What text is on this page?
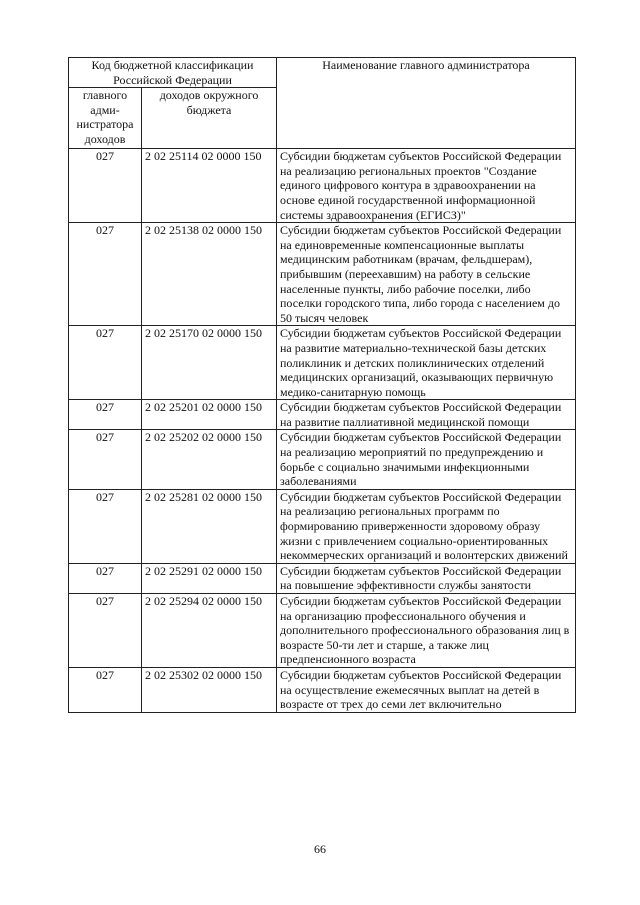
Код бюджетной классификации Российской Федерации		Наименование главного администратора
главного адми-нистратора доходов	доходов окружного бюджета	
027	2 02 25114 02 0000 150	Субсидии бюджетам субъектов Российской Федерации на реализацию региональных проектов "Создание единого цифрового контура в здравоохранении на основе единой государственной информационной системы здравоохранения (ЕГИСЗ)"
027	2 02 25138 02 0000 150	Субсидии бюджетам субъектов Российской Федерации на единовременные компенсационные выплаты медицинским работникам (врачам, фельдшерам), прибывшим (переехавшим) на работу в сельские населенные пункты, либо рабочие поселки, либо поселки городского типа, либо города с населением до 50 тысяч человек
027	2 02 25170 02 0000 150	Субсидии бюджетам субъектов Российской Федерации на развитие материально-технической базы детских поликлиник и детских поликлинических отделений медицинских организаций, оказывающих первичную медико-санитарную помощь
027	2 02 25201 02 0000 150	Субсидии бюджетам субъектов Российской Федерации на развитие паллиативной медицинской помощи
027	2 02 25202 02 0000 150	Субсидии бюджетам субъектов Российской Федерации на реализацию мероприятий по предупреждению и борьбе с социально значимыми инфекционными заболеваниями
027	2 02 25281 02 0000 150	Субсидии бюджетам субъектов Российской Федерации на реализацию региональных программ по формированию приверженности здоровому образу жизни с привлечением социально-ориентированных некоммерческих организаций и волонтерских движений
027	2 02 25291 02 0000 150	Субсидии бюджетам субъектов Российской Федерации на повышение эффективности службы занятости
027	2 02 25294 02 0000 150	Субсидии бюджетам субъектов Российской Федерации на организацию профессионального обучения и дополнительного профессионального образования лиц в возрасте 50-ти лет и старше, а также лиц предпенсионного возраста
027	2 02 25302 02 0000 150	Субсидии бюджетам субъектов Российской Федерации на осуществление ежемесячных выплат на детей в возрасте от трех до семи лет включительно
66
